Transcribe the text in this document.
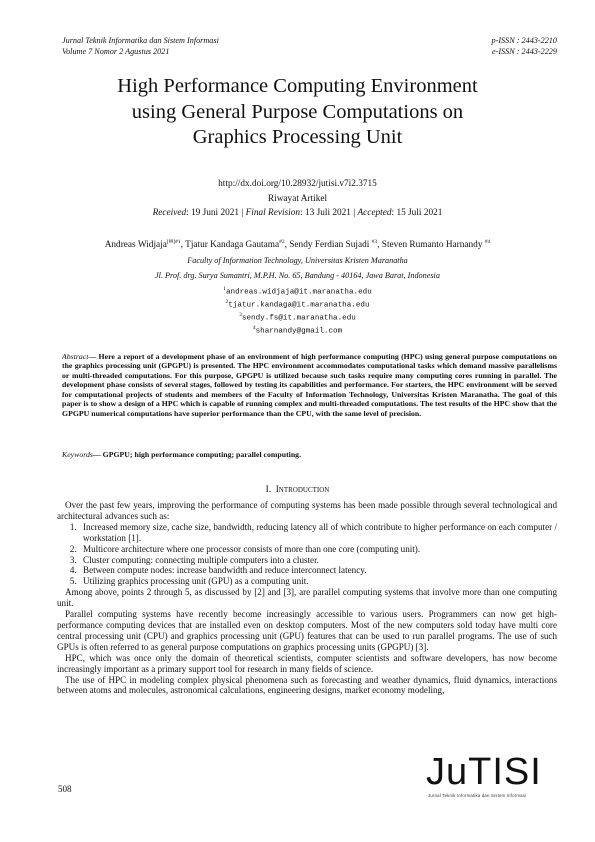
Jurnal Teknik Informatika dan Sistem Informasi
Volume 7 Nomor 2 Agustus 2021
p-ISSN : 2443-2210
e-ISSN : 2443-2229
High Performance Computing Environment
using General Purpose Computations on
Graphics Processing Unit
http://dx.doi.org/10.28932/jutisi.v7i2.3715
Riwayat Artikel
Received: 19 Juni 2021 | Final Revision: 13 Juli 2021 | Accepted: 15 Juli 2021
Andreas Widjaja$^{[✉]\#1}$, Tjatur Kandaga Gautama$^{\#2}$, Sendy Ferdian Sujadi $^{\#3}$, Steven Rumanto Harnandy $^{\#4}$
Faculty of Information Technology, Universitas Kristen Maranatha
Jl. Prof. drg. Surya Sumantri, M.P.H. No. 65, Bandung - 40164, Jawa Barat, Indonesia
$^1$andreas.widjaja@it.maranatha.edu
$^2$tjatur.kandaga@it.maranatha.edu
$^3$sendy.fs@it.maranatha.edu
$^4$sharnandy@gmail.com
Abstract— Here a report of a development phase of an environment of high performance computing (HPC) using general purpose computations on the graphics processing unit (GPGPU) is presented. The HPC environment accommodates computational tasks which demand massive parallelisms or multi-threaded computations. For this purpose, GPGPU is utilized because such tasks require many computing cores running in parallel. The development phase consists of several stages, followed by testing its capabilities and performance. For starters, the HPC environment will be served for computational projects of students and members of the Faculty of Information Technology, Universitas Kristen Maranatha. The goal of this paper is to show a design of a HPC which is capable of running complex and multi-threaded computations. The test results of the HPC show that the GPGPU numerical computations have superior performance than the CPU, with the same level of precision.
Keywords— GPGPU; high performance computing; parallel computing.
I. Introduction

Over the past few years, improving the performance of computing systems has been made possible through several technological and architectural advances such as:

1. Increased memory size, cache size, bandwidth, reducing latency all of which contribute to higher performance on each computer / workstation [1].
2. Multicore architecture where one processor consists of more than one core (computing unit).
3. Cluster computing: connecting multiple computers into a cluster.
4. Between compute nodes: increase bandwidth and reduce interconnect latency.
5. Utilizing graphics processing unit (GPU) as a computing unit.

Among above, points 2 through 5, as discussed by [2] and [3], are parallel computing systems that involve more than one computing unit.

Parallel computing systems have recently become increasingly accessible to various users. Programmers can now get high-performance computing devices that are installed even on desktop computers. Most of the new computers sold today have multi core central processing unit (CPU) and graphics processing unit (GPU) features that can be used to run parallel programs. The use of such GPUs is often referred to as general purpose computations on graphics processing units (GPGPU) [3].

HPC, which was once only the domain of theoretical scientists, computer scientists and software developers, has now become increasingly important as a primary support tool for research in many fields of science.

The use of HPC in modeling complex physical phenomena such as forecasting and weather dynamics, fluid dynamics, interactions between atoms and molecules, astronomical calculations, engineering designs, market economy modeling,

508	JuTISI
Jurnal Teknik Informatika dan Sistem Informasi
